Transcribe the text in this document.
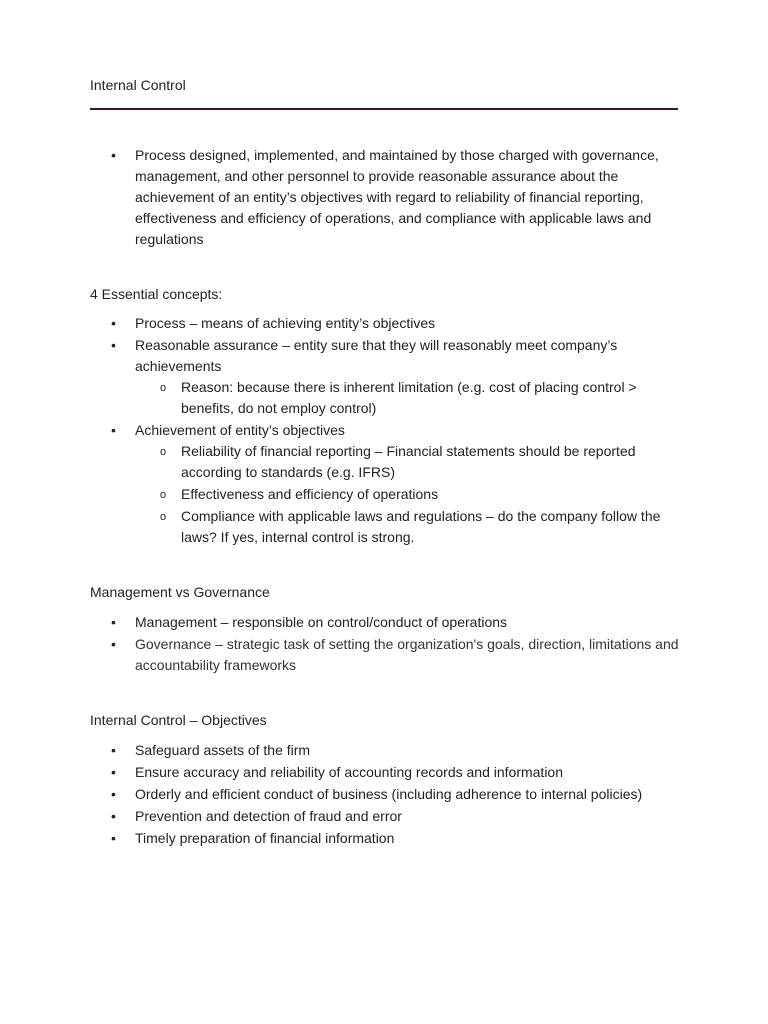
Internal Control
•	Process designed, implemented, and maintained by those charged with governance, management, and other personnel to provide reasonable assurance about the achievement of an entity’s objectives with regard to reliability of financial reporting, effectiveness and efficiency of operations, and compliance with applicable laws and regulations
4 Essential concepts:
•	Process – means of achieving entity’s objectives
•	Reasonable assurance – entity sure that they will reasonably meet company’s achievements
o Reason: because there is inherent limitation (e.g. cost of placing control > benefits, do not employ control)
•	Achievement of entity’s objectives
o Reliability of financial reporting – Financial statements should be reported according to standards (e.g. IFRS)
o Effectiveness and efficiency of operations
o Compliance with applicable laws and regulations – do the company follow the laws? If yes, internal control is strong.
Management vs Governance
•	Management – responsible on control/conduct of operations
•	Governance – strategic task of setting the organization's goals, direction, limitations and accountability frameworks
Internal Control – Objectives
•	Safeguard assets of the firm
•	Ensure accuracy and reliability of accounting records and information
•	Orderly and efficient conduct of business (including adherence to internal policies)
•	Prevention and detection of fraud and error
•	Timely preparation of financial information
